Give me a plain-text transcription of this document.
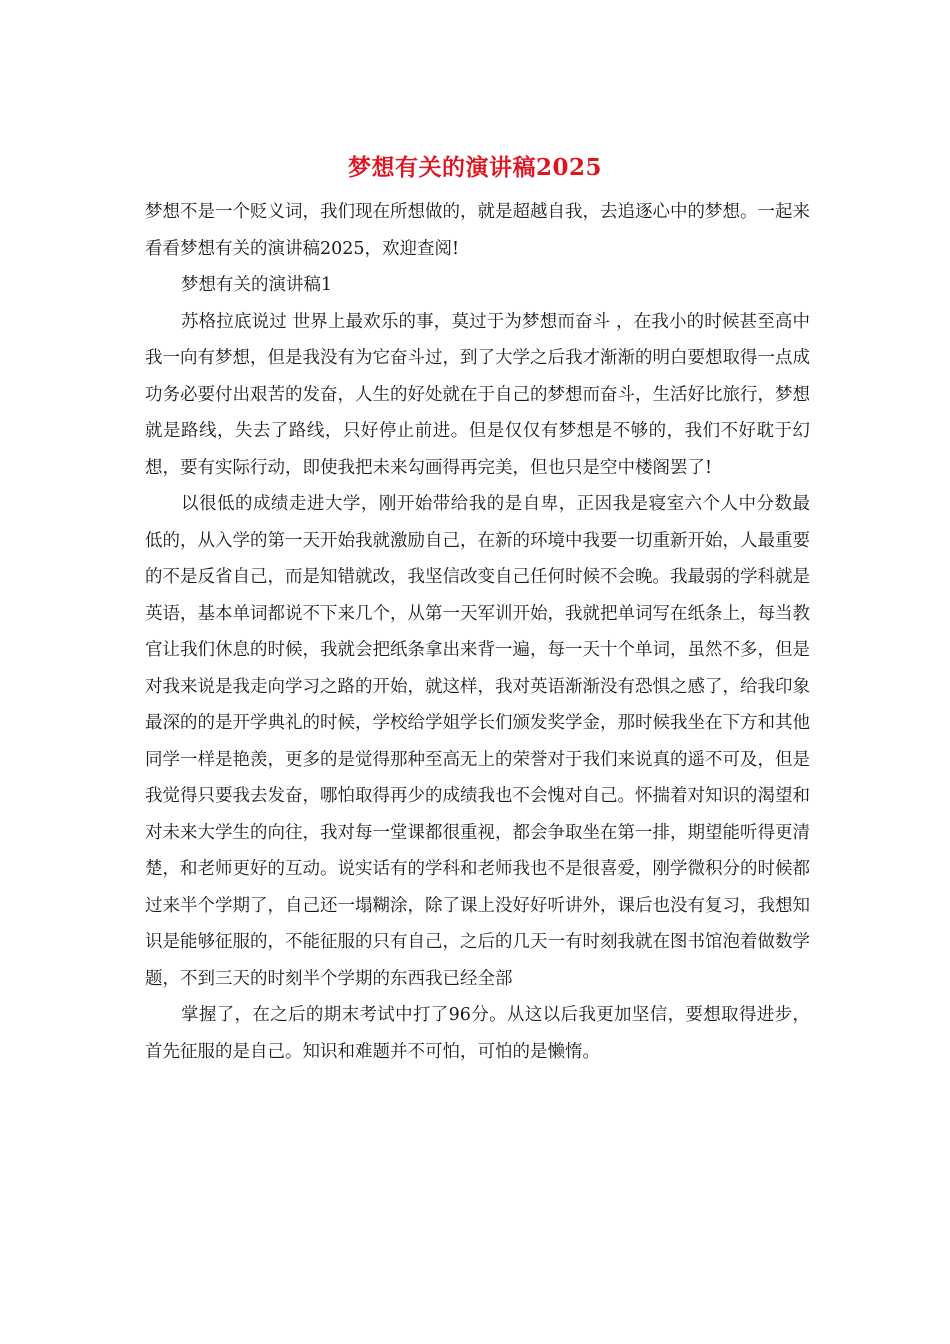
梦想有关的演讲稿2025

梦想不是一个贬义词，我们现在所想做的，就是超越自我，去追逐心中的梦想。一起来看看梦想有关的演讲稿2025，欢迎查阅!

梦想有关的演讲稿1

苏格拉底说过 世界上最欢乐的事，莫过于为梦想而奋斗 ，在我小的时候甚至高中我一向有梦想，但是我没有为它奋斗过，到了大学之后我才渐渐的明白要想取得一点成功务必要付出艰苦的发奋，人生的好处就在于自己的梦想而奋斗，生活好比旅行，梦想就是路线，失去了路线，只好停止前进。但是仅仅有梦想是不够的，我们不好耽于幻想，要有实际行动，即使我把未来勾画得再完美，但也只是空中楼阁罢了!

以很低的成绩走进大学，刚开始带给我的是自卑，正因我是寝室六个人中分数最低的，从入学的第一天开始我就激励自己，在新的环境中我要一切重新开始，人最重要的不是反省自己，而是知错就改，我坚信改变自己任何时候不会晚。我最弱的学科就是英语，基本单词都说不下来几个，从第一天军训开始，我就把单词写在纸条上，每当教官让我们休息的时候，我就会把纸条拿出来背一遍，每一天十个单词，虽然不多，但是对我来说是我走向学习之路的开始，就这样，我对英语渐渐没有恐惧之感了，给我印象最深的的是开学典礼的时候，学校给学姐学长们颁发奖学金，那时候我坐在下方和其他同学一样是艳羡，更多的是觉得那种至高无上的荣誉对于我们来说真的遥不可及，但是我觉得只要我去发奋，哪怕取得再少的成绩我也不会愧对自己。怀揣着对知识的渴望和对未来大学生的向往，我对每一堂课都很重视，都会争取坐在第一排，期望能听得更清楚，和老师更好的互动。说实话有的学科和老师我也不是很喜爱，刚学微积分的时候都过来半个学期了，自己还一塌糊涂，除了课上没好好听讲外，课后也没有复习，我想知识是能够征服的，不能征服的只有自己，之后的几天一有时刻我就在图书馆泡着做数学题，不到三天的时刻半个学期的东西我已经全部

掌握了，在之后的期末考试中打了96分。从这以后我更加坚信，要想取得进步，首先征服的是自己。知识和难题并不可怕，可怕的是懒惰。
